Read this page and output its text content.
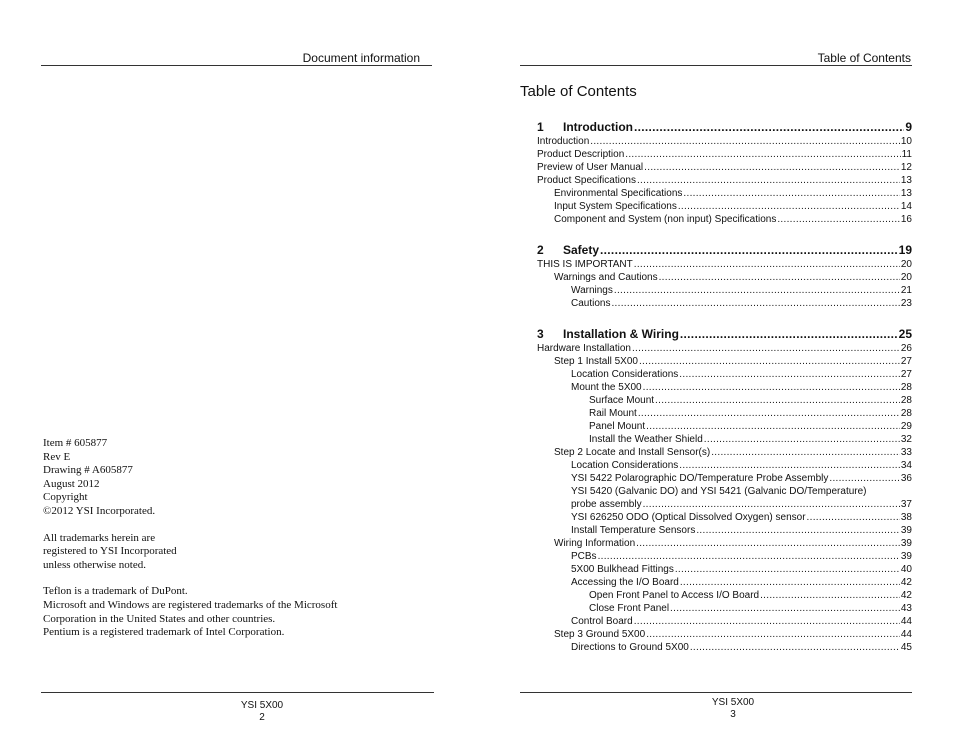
Document information
Item # 605877
Rev E
Drawing # A605877
August 2012
Copyright
©2012 YSI Incorporated.
All trademarks herein are
registered to YSI Incorporated
unless otherwise noted.
Teflon is a trademark of DuPont.
Microsoft and Windows are registered trademarks of the Microsoft
Corporation in the United States and other countries.
Pentium is a registered trademark of Intel Corporation.
YSI 5X00
2
Table of Contents
Table of Contents
1 Introduction .....	9
Introduction .....	10
Product Description .....	11
Preview of User Manual .....	12
Product Specifications .....	13
Environmental Specifications .....	13
Input System Specifications .....	14
Component and System (non input) Specifications .....	16
2 Safety .....	19
THIS IS IMPORTANT .....	20
Warnings and Cautions .....	20
Warnings .....	21
Cautions .....	23
3 Installation & Wiring .....	25
Hardware Installation .....	26
Step 1 Install 5X00 .....	27
Location Considerations .....	27
Mount the 5X00 .....	28
Surface Mount .....	28
Rail Mount .....	28
Panel Mount .....	29
Install the Weather Shield .....	32
Step 2 Locate and Install Sensor(s) .....	33
Location Considerations .....	34
YSI 5422 Polarographic DO/Temperature Probe Assembly .....	36
YSI 5420 (Galvanic DO) and YSI 5421 (Galvanic DO/Temperature)
probe assembly .....	37
YSI 626250 ODO (Optical Dissolved Oxygen) sensor .....	38
Install Temperature Sensors .....	39
Wiring Information .....	39
PCBs .....	39
5X00 Bulkhead Fittings .....	40
Accessing the I/O Board .....	42
Open Front Panel to Access I/O Board .....	42
Close Front Panel .....	43
Control Board .....	44
Step 3 Ground 5X00 .....	44
Directions to Ground 5X00 .....	45
YSI 5X00
3
